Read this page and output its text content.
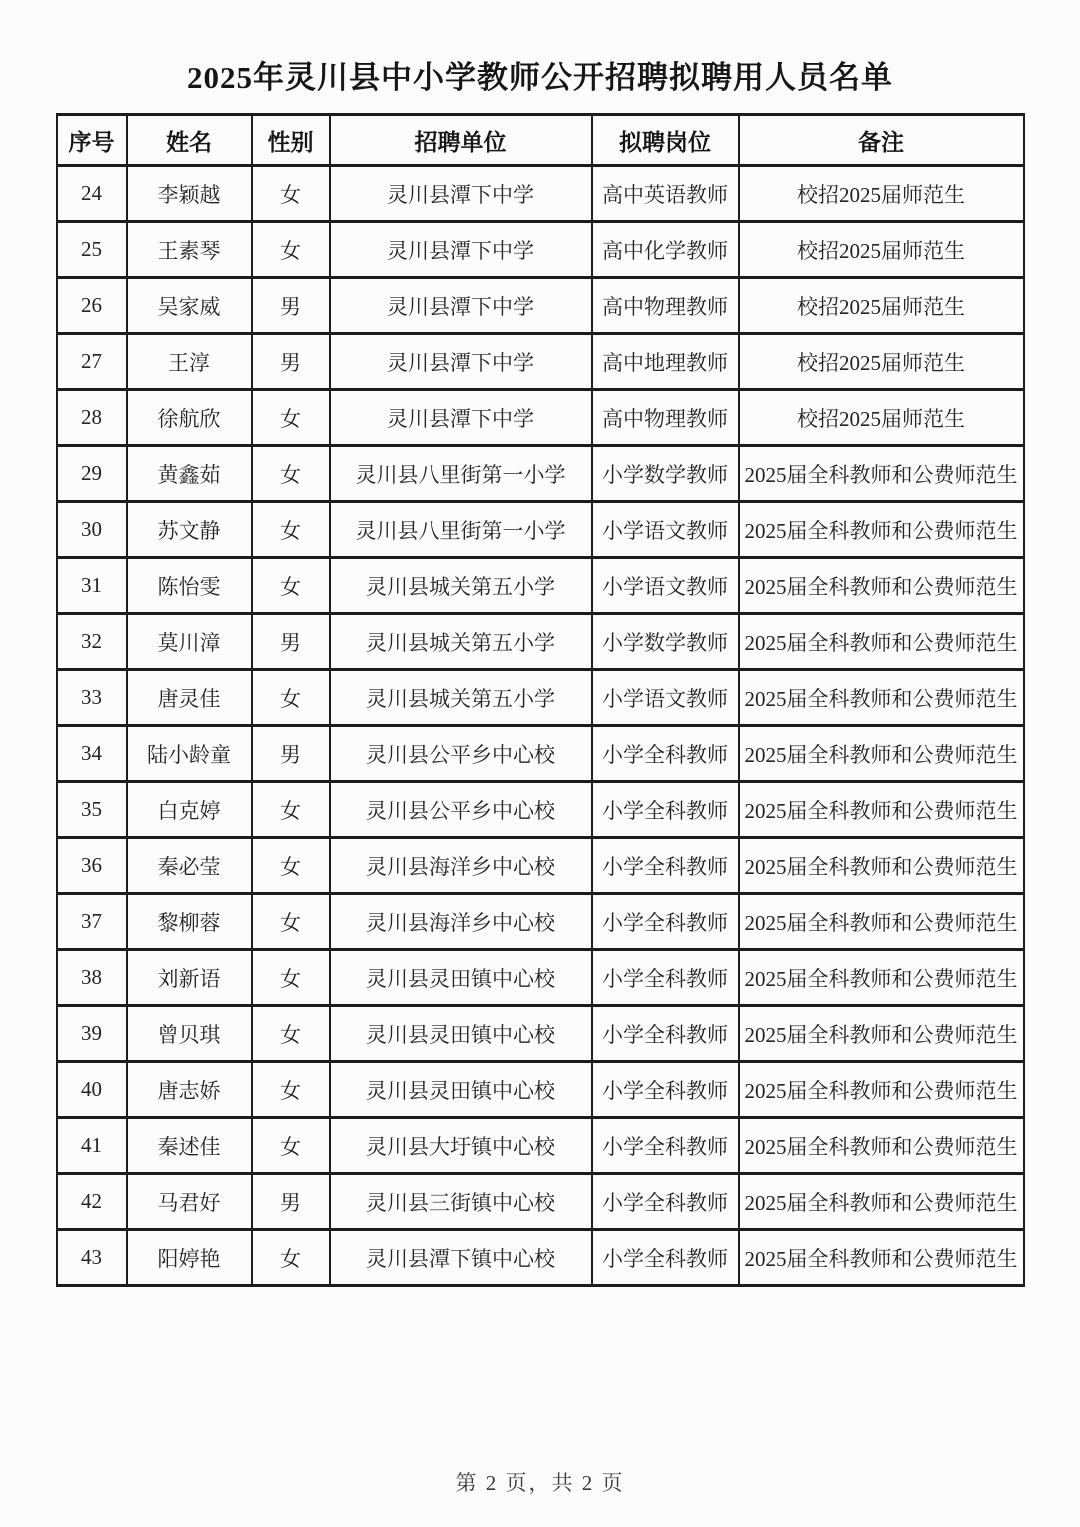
2025年灵川县中小学教师公开招聘拟聘用人员名单
序号	姓名	性别	招聘单位	拟聘岗位	备注
24	李颖越	女	灵川县潭下中学	高中英语教师	校招2025届师范生
25	王素琴	女	灵川县潭下中学	高中化学教师	校招2025届师范生
26	吴家威	男	灵川县潭下中学	高中物理教师	校招2025届师范生
27	王淳	男	灵川县潭下中学	高中地理教师	校招2025届师范生
28	徐航欣	女	灵川县潭下中学	高中物理教师	校招2025届师范生
29	黄鑫茹	女	灵川县八里街第一小学	小学数学教师	2025届全科教师和公费师范生
30	苏文静	女	灵川县八里街第一小学	小学语文教师	2025届全科教师和公费师范生
31	陈怡雯	女	灵川县城关第五小学	小学语文教师	2025届全科教师和公费师范生
32	莫川漳	男	灵川县城关第五小学	小学数学教师	2025届全科教师和公费师范生
33	唐灵佳	女	灵川县城关第五小学	小学语文教师	2025届全科教师和公费师范生
34	陆小龄童	男	灵川县公平乡中心校	小学全科教师	2025届全科教师和公费师范生
35	白克婷	女	灵川县公平乡中心校	小学全科教师	2025届全科教师和公费师范生
36	秦必莹	女	灵川县海洋乡中心校	小学全科教师	2025届全科教师和公费师范生
37	黎柳蓉	女	灵川县海洋乡中心校	小学全科教师	2025届全科教师和公费师范生
38	刘新语	女	灵川县灵田镇中心校	小学全科教师	2025届全科教师和公费师范生
39	曾贝琪	女	灵川县灵田镇中心校	小学全科教师	2025届全科教师和公费师范生
40	唐志娇	女	灵川县灵田镇中心校	小学全科教师	2025届全科教师和公费师范生
41	秦述佳	女	灵川县大圩镇中心校	小学全科教师	2025届全科教师和公费师范生
42	马君好	男	灵川县三街镇中心校	小学全科教师	2025届全科教师和公费师范生
43	阳婷艳	女	灵川县潭下镇中心校	小学全科教师	2025届全科教师和公费师范生
第 2 页，共 2 页
